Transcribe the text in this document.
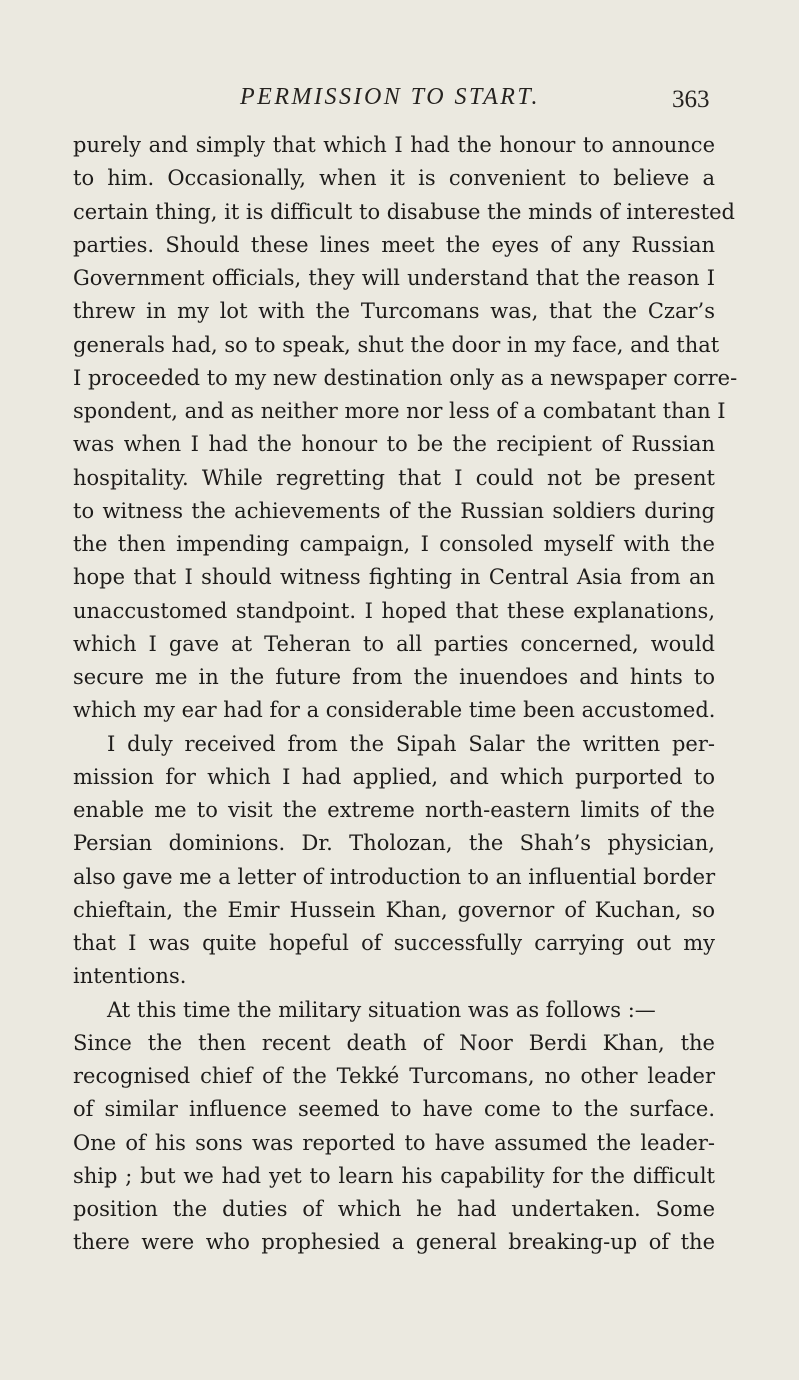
PERMISSION TO START.	363
purely and simply that which I had the honour to announce
to him. Occasionally, when it is convenient to believe a
certain thing, it is difficult to disabuse the minds of interested
parties. Should these lines meet the eyes of any Russian
Government officials, they will understand that the reason I
threw in my lot with the Turcomans was, that the Czar’s
generals had, so to speak, shut the door in my face, and that
I proceeded to my new destination only as a newspaper corre-
spondent, and as neither more nor less of a combatant than I
was when I had the honour to be the recipient of Russian
hospitality. While regretting that I could not be present
to witness the achievements of the Russian soldiers during
the then impending campaign, I consoled myself with the
hope that I should witness fighting in Central Asia from an
unaccustomed standpoint. I hoped that these explanations,
which I gave at Teheran to all parties concerned, would
secure me in the future from the inuendoes and hints to
which my ear had for a considerable time been accustomed.
I duly received from the Sipah Salar the written per-
mission for which I had applied, and which purported to
enable me to visit the extreme north-eastern limits of the
Persian dominions. Dr. Tholozan, the Shah’s physician,
also gave me a letter of introduction to an influential border
chieftain, the Emir Hussein Khan, governor of Kuchan, so
that I was quite hopeful of successfully carrying out my
intentions.
At this time the military situation was as follows :—
Since the then recent death of Noor Berdi Khan, the
recognised chief of the Tekké Turcomans, no other leader
of similar influence seemed to have come to the surface.
One of his sons was reported to have assumed the leader-
ship ; but we had yet to learn his capability for the difficult
position the duties of which he had undertaken. Some
there were who prophesied a general breaking-up of the
